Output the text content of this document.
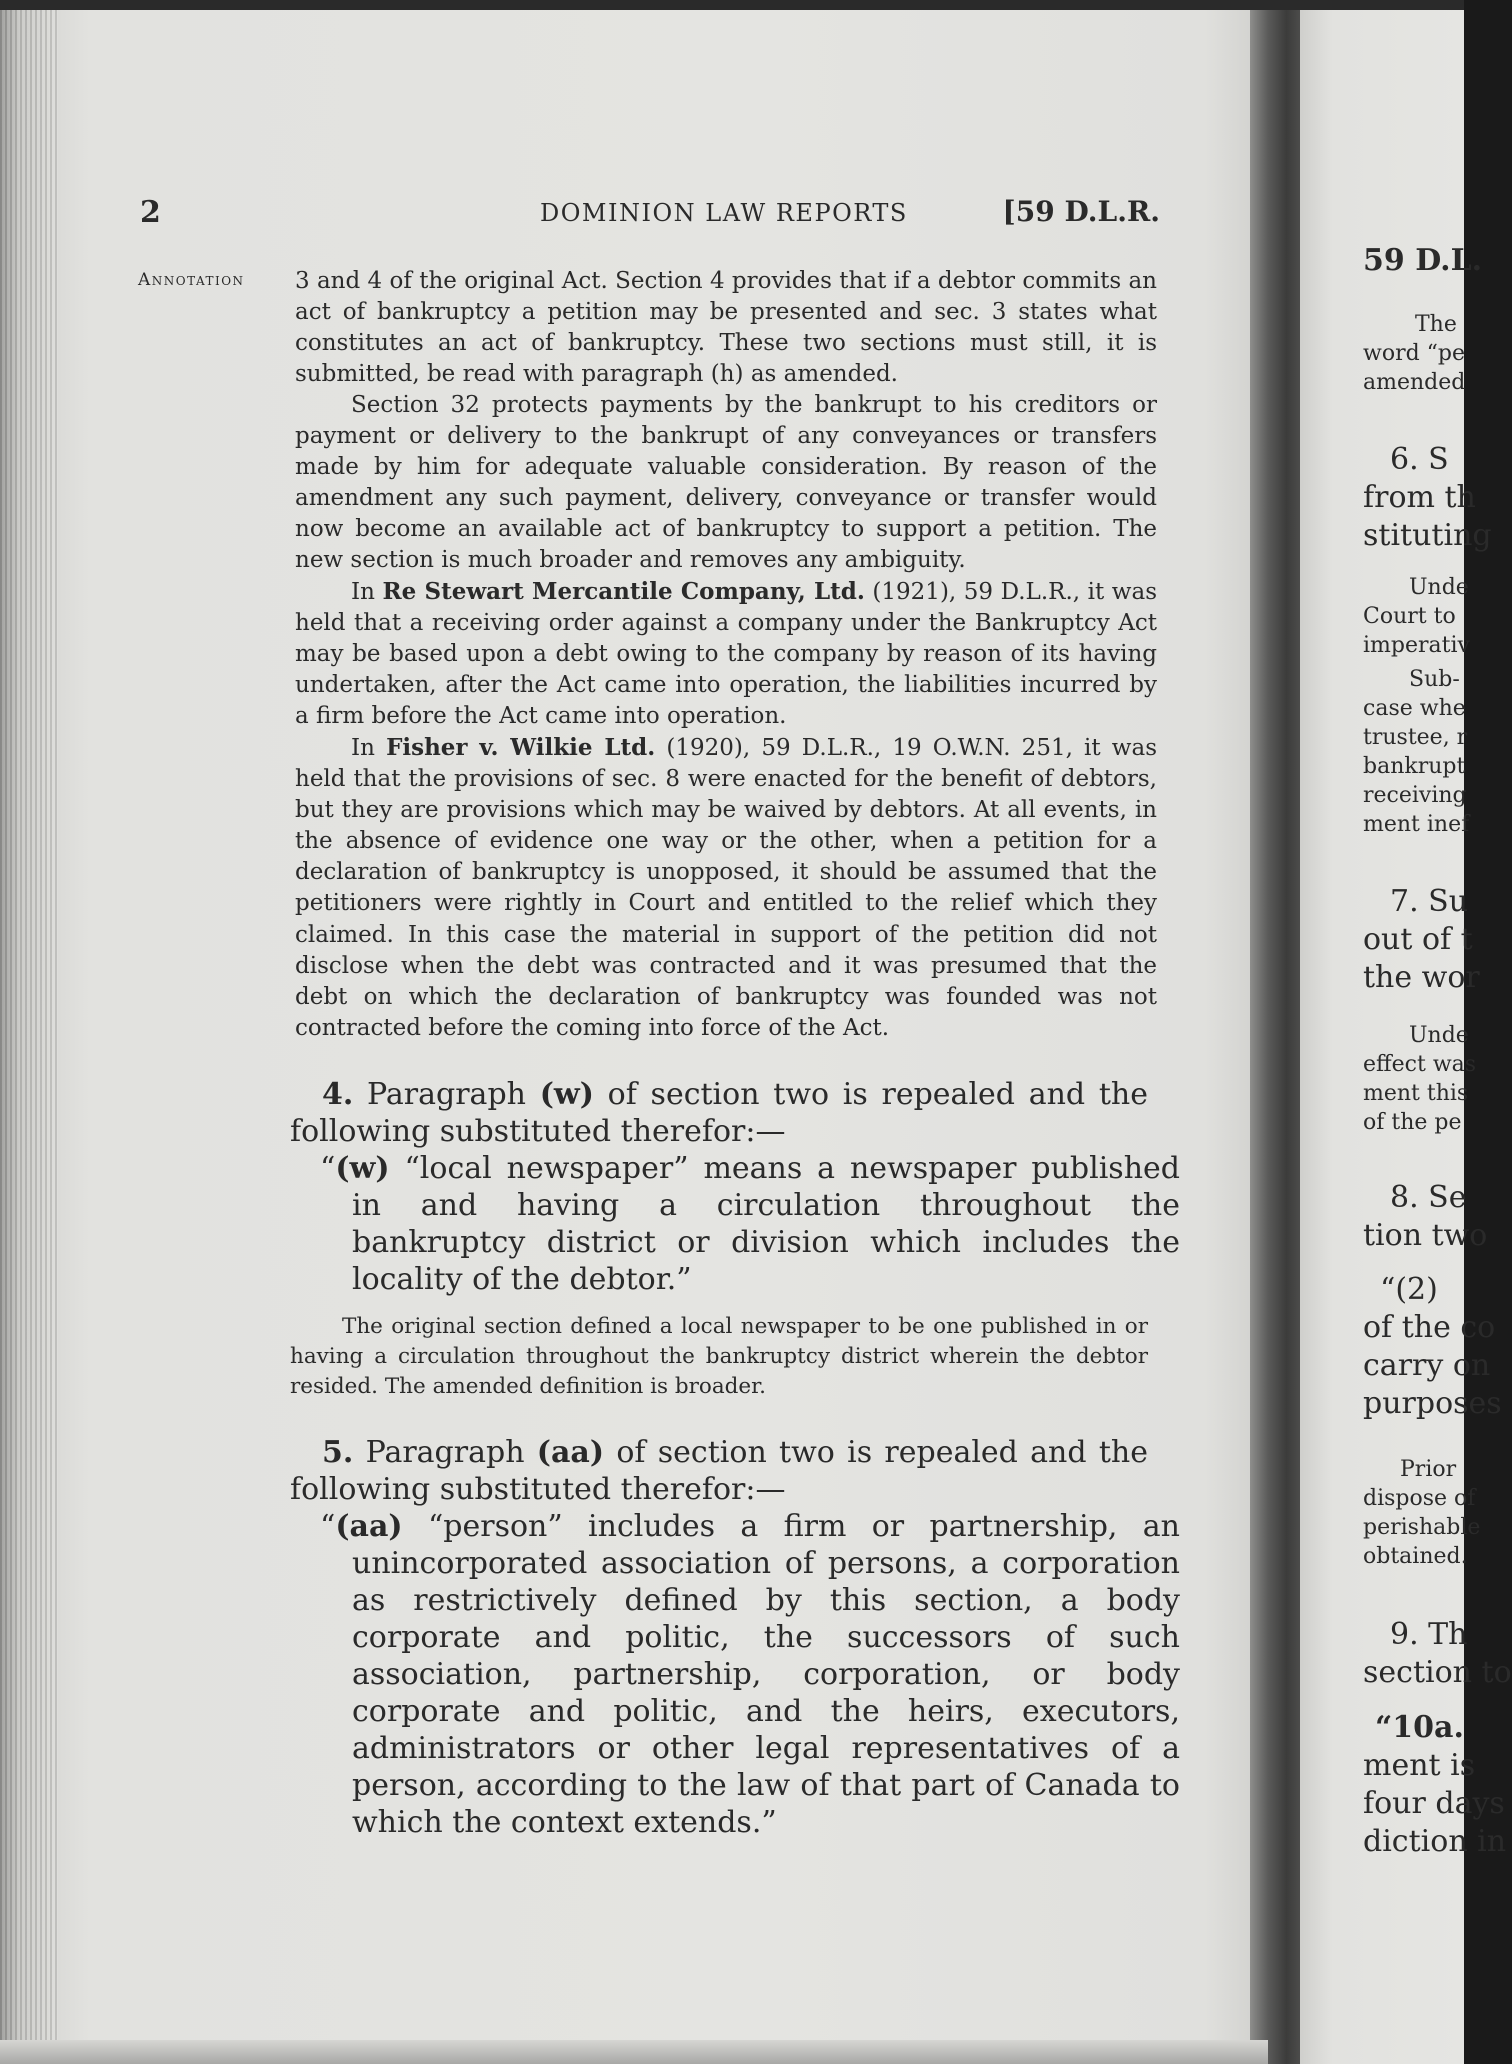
2	DOMINION LAW REPORTS	[59 D.L.R.
Annotation 3 and 4 of the original Act. Section 4 provides that if a debtor commits an act of bankruptcy a petition may be presented and sec. 3 states what constitutes an act of bankruptcy. These two sections must still, it is submitted, be read with paragraph (h) as amended.

Section 32 protects payments by the bankrupt to his creditors or payment or delivery to the bankrupt of any conveyances or transfers made by him for adequate valuable consideration. By reason of the amendment any such payment, delivery, conveyance or transfer would now become an available act of bankruptcy to support a petition. The new section is much broader and removes any ambiguity.

In Re Stewart Mercantile Company, Ltd. (1921), 59 D.L.R., it was held that a receiving order against a company under the Bankruptcy Act may be based upon a debt owing to the company by reason of its having undertaken, after the Act came into operation, the liabilities incurred by a firm before the Act came into operation.

In Fisher v. Wilkie Ltd. (1920), 59 D.L.R., 19 O.W.N. 251, it was held that the provisions of sec. 8 were enacted for the benefit of debtors, but they are provisions which may be waived by debtors. At all events, in the absence of evidence one way or the other, when a petition for a declaration of bankruptcy is unopposed, it should be assumed that the petitioners were rightly in Court and entitled to the relief which they claimed. In this case the material in support of the petition did not disclose when the debt was contracted and it was presumed that the debt on which the declaration of bankruptcy was founded was not contracted before the coming into force of the Act.

4. Paragraph (w) of section two is repealed and the following substituted therefor:—

“(w) “local newspaper” means a newspaper published in and having a circulation throughout the bankruptcy district or division which includes the locality of the debtor.”

The original section defined a local newspaper to be one published in or having a circulation throughout the bankruptcy district wherein the debtor resided. The amended definition is broader.

5. Paragraph (aa) of section two is repealed and the following substituted therefor:—

“(aa) “person” includes a firm or partnership, an unincorporated association of persons, a corporation as restrictively defined by this section, a body corporate and politic, the successors of such association, partnership, corporation, or body corporate and politic, and the heirs, executors, administrators or other legal representatives of a person, according to the law of that part of Canada to which the context extends.”

59 D.L.
The
word “pe
amended
6. S
from th
stituting
Unde
Court to
imperativ
Sub-
case whe
trustee, r
bankrupt
receiving
ment inef
7. Su
out of t
the wor
Unde
effect was
ment this
of the pe
8. Se
tion two
“(2)
of the co
carry on
purposes
Prior
dispose of
perishable
obtained.
9. Th
section to
“10a.
ment is
four days
diction in
